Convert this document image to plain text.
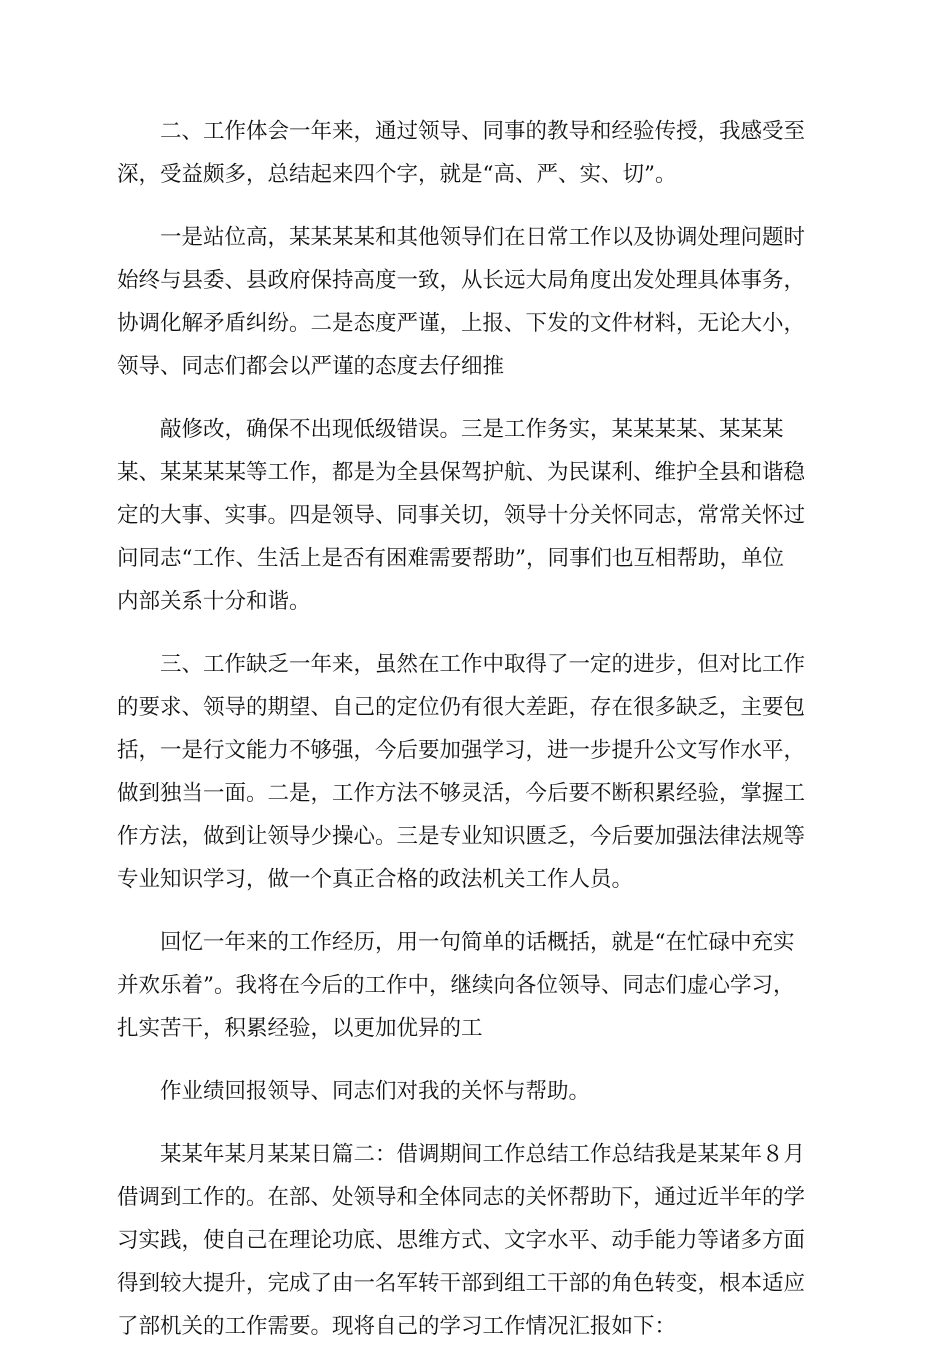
二、工作体会一年来，通过领导、同事的教导和经验传授，我感受至
深，受益颇多，总结起来四个字，就是“高、严、实、切”。

一是站位高，某某某某和其他领导们在日常工作以及协调处理问题时
始终与县委、县政府保持高度一致，从长远大局角度出发处理具体事务，
协调化解矛盾纠纷。二是态度严谨，上报、下发的文件材料，无论大小，
领导、同志们都会以严谨的态度去仔细推

敲修改，确保不出现低级错误。三是工作务实，某某某某、某某某
某、某某某某等工作，都是为全县保驾护航、为民谋利、维护全县和谐稳
定的大事、实事。四是领导、同事关切，领导十分关怀同志，常常关怀过
问同志“工作、生活上是否有困难需要帮助”，同事们也互相帮助，单位
内部关系十分和谐。

三、工作缺乏一年来，虽然在工作中取得了一定的进步，但对比工作
的要求、领导的期望、自己的定位仍有很大差距，存在很多缺乏，主要包
括，一是行文能力不够强，今后要加强学习，进一步提升公文写作水平，
做到独当一面。二是，工作方法不够灵活，今后要不断积累经验，掌握工
作方法，做到让领导少操心。三是专业知识匮乏，今后要加强法律法规等
专业知识学习，做一个真正合格的政法机关工作人员。

回忆一年来的工作经历，用一句简单的话概括，就是“在忙碌中充实
并欢乐着”。我将在今后的工作中，继续向各位领导、同志们虚心学习，
扎实苦干，积累经验，以更加优异的工

作业绩回报领导、同志们对我的关怀与帮助。

某某年某月某某日篇二：借调期间工作总结工作总结我是某某年８月
借调到工作的。在部、处领导和全体同志的关怀帮助下，通过近半年的学
习实践，使自己在理论功底、思维方式、文字水平、动手能力等诸多方面
得到较大提升，完成了由一名军转干部到组工干部的角色转变，根本适应
了部机关的工作需要。现将自己的学习工作情况汇报如下：
